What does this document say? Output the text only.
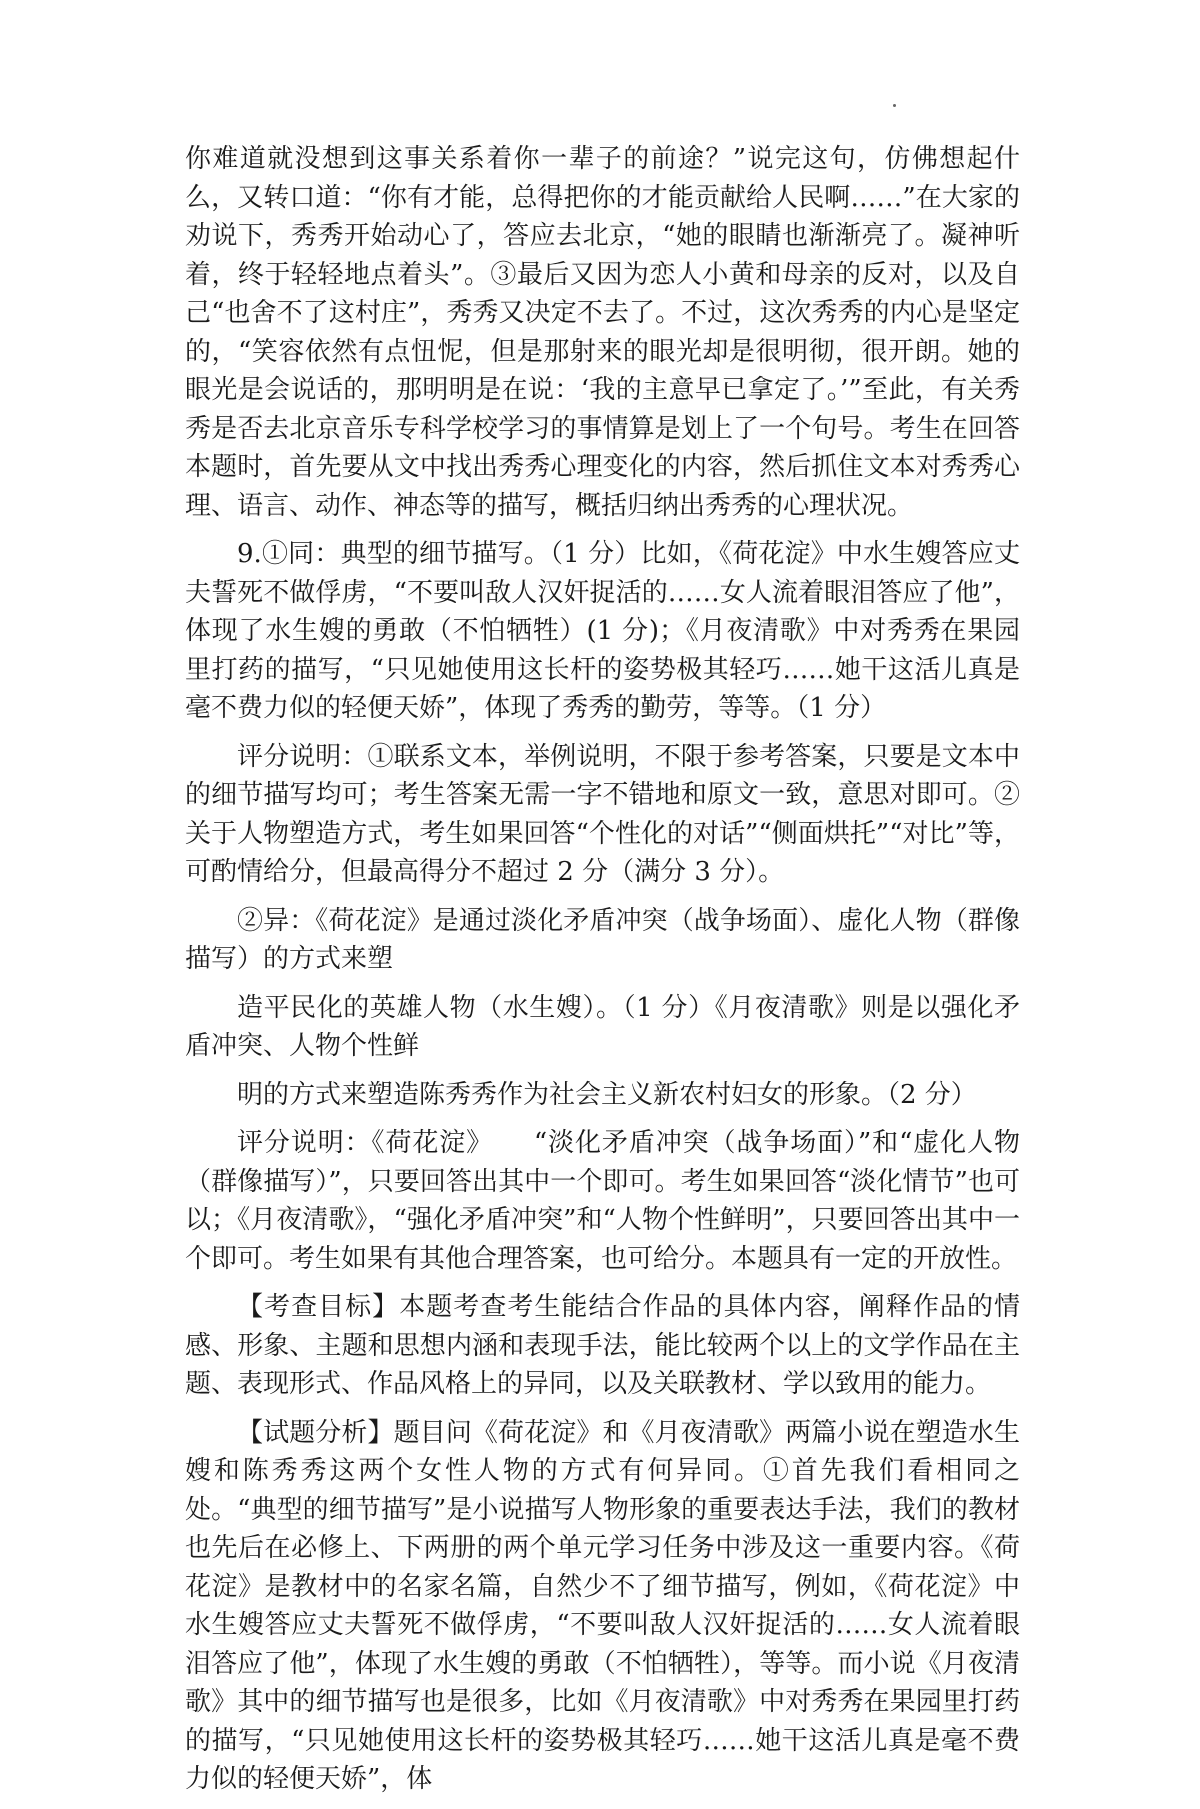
你难道就没想到这事关系着你一辈子的前途？”说完这句，仿佛想起什么，又转口道：“你有才能，总得把你的才能贡献给人民啊……”在大家的劝说下，秀秀开始动心了，答应去北京，“她的眼睛也渐渐亮了。凝神听着，终于轻轻地点着头”。③最后又因为恋人小黄和母亲的反对，以及自己“也舍不了这村庄”，秀秀又决定不去了。不过，这次秀秀的内心是坚定的，“笑容依然有点忸怩，但是那射来的眼光却是很明彻，很开朗。她的眼光是会说话的，那明明是在说：‘我的主意早已拿定了。’”至此，有关秀秀是否去北京音乐专科学校学习的事情算是划上了一个句号。考生在回答本题时，首先要从文中找出秀秀心理变化的内容，然后抓住文本对秀秀心理、语言、动作、神态等的描写，概括归纳出秀秀的心理状况。

9.①同：典型的细节描写。（1 分）比如，《荷花淀》中水生嫂答应丈夫誓死不做俘虏，“不要叫敌人汉奸捉活的……女人流着眼泪答应了他”，体现了水生嫂的勇敢（不怕牺牲）(1 分)；《月夜清歌》中对秀秀在果园里打药的描写，“只见她使用这长杆的姿势极其轻巧……她干这活儿真是毫不费力似的轻便天娇”，体现了秀秀的勤劳，等等。（1 分）

评分说明：①联系文本，举例说明，不限于参考答案，只要是文本中的细节描写均可；考生答案无需一字不错地和原文一致，意思对即可。②关于人物塑造方式，考生如果回答“个性化的对话”“侧面烘托”“对比”等，可酌情给分，但最高得分不超过 2 分（满分 3 分）。

②异：《荷花淀》是通过淡化矛盾冲突（战争场面）、虚化人物（群像描写）的方式来塑

造平民化的英雄人物（水生嫂）。（1 分）《月夜清歌》则是以强化矛盾冲突、人物个性鲜

明的方式来塑造陈秀秀作为社会主义新农村妇女的形象。（2 分）

评分说明：《荷花淀》　　“淡化矛盾冲突（战争场面）”和“虚化人物（群像描写）”，只要回答出其中一个即可。考生如果回答“淡化情节”也可以；《月夜清歌》，“强化矛盾冲突”和“人物个性鲜明”，只要回答出其中一个即可。考生如果有其他合理答案，也可给分。本题具有一定的开放性。

【考查目标】本题考查考生能结合作品的具体内容，阐释作品的情感、形象、主题和思想内涵和表现手法，能比较两个以上的文学作品在主题、表现形式、作品风格上的异同，以及关联教材、学以致用的能力。

【试题分析】题目问《荷花淀》和《月夜清歌》两篇小说在塑造水生嫂和陈秀秀这两个女性人物的方式有何异同。①首先我们看相同之处。“典型的细节描写”是小说描写人物形象的重要表达手法，我们的教材也先后在必修上、下两册的两个单元学习任务中涉及这一重要内容。《荷花淀》是教材中的名家名篇，自然少不了细节描写，例如，《荷花淀》中水生嫂答应丈夫誓死不做俘虏，“不要叫敌人汉奸捉活的……女人流着眼泪答应了他”，体现了水生嫂的勇敢（不怕牺牲），等等。而小说《月夜清歌》其中的细节描写也是很多，比如《月夜清歌》中对秀秀在果园里打药的描写，“只见她使用这长杆的姿势极其轻巧……她干这活儿真是毫不费力似的轻便天娇”，体
